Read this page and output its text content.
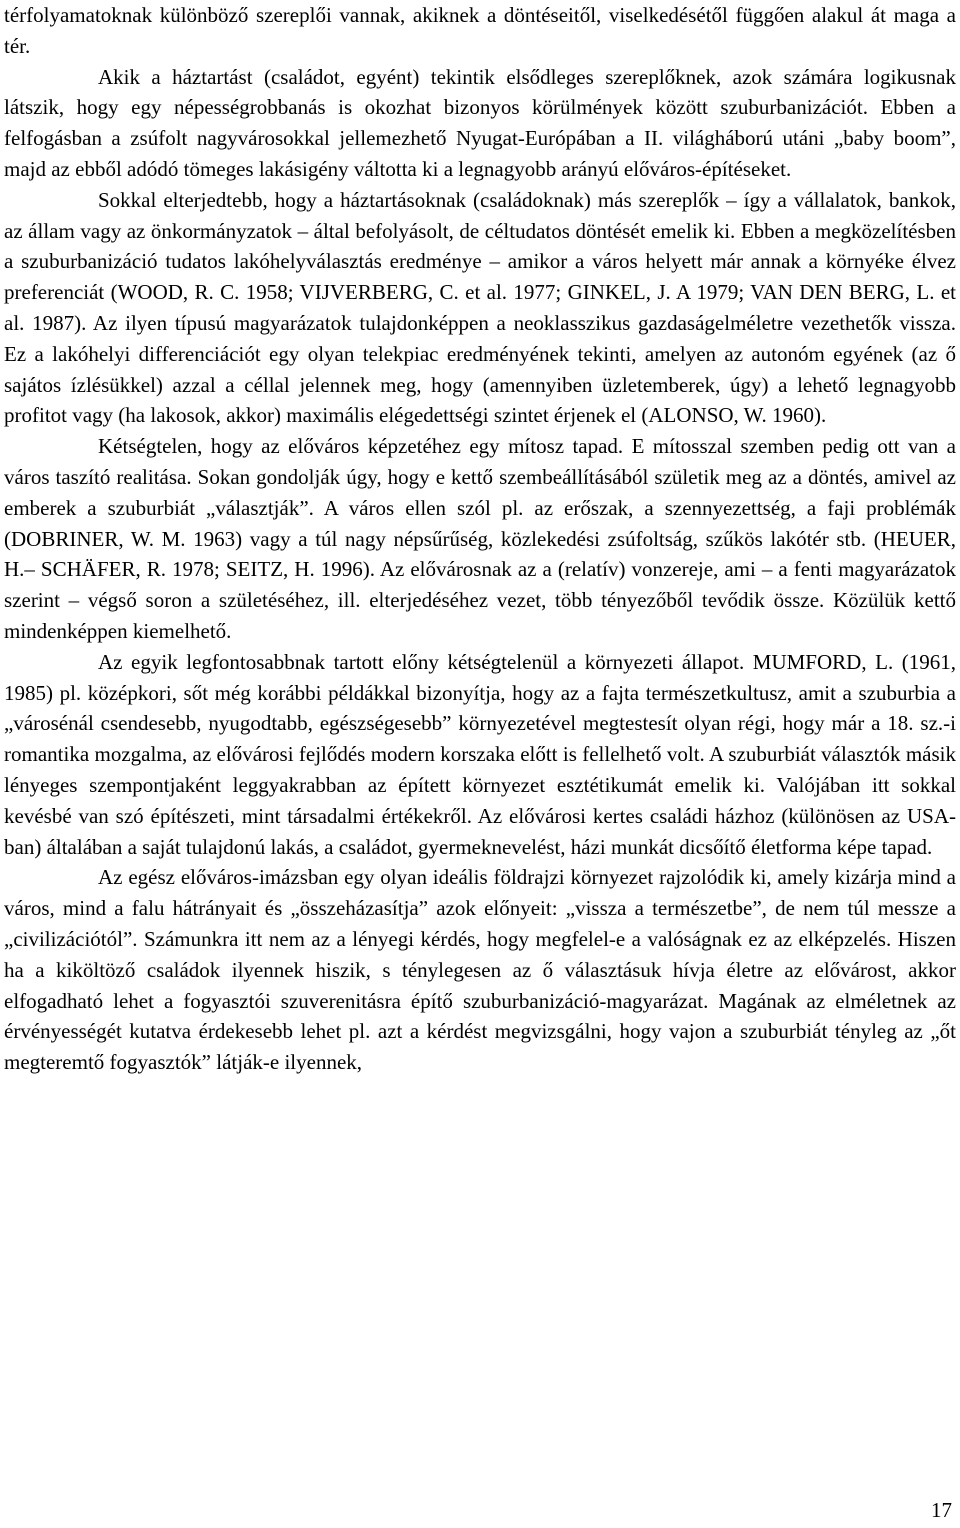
térfolyamatoknak különböző szereplői vannak, akiknek a döntéseitől, viselkedésétől függően alakul át maga a tér.

Akik a háztartást (családot, egyént) tekintik elsődleges szereplőknek, azok számára logikusnak látszik, hogy egy népességrobbanás is okozhat bizonyos körülmények között szuburbanizációt. Ebben a felfogásban a zsúfolt nagyvárosokkal jellemezhető Nyugat-Európában a II. világháború utáni „baby boom”, majd az ebből adódó tömeges lakásigény váltotta ki a legnagyobb arányú előváros-építéseket.

Sokkal elterjedtebb, hogy a háztartásoknak (családoknak) más szereplők – így a vállalatok, bankok, az állam vagy az önkormányzatok – által befolyásolt, de céltudatos döntését emelik ki. Ebben a megközelítésben a szuburbanizáció tudatos lakóhelyválasztás eredménye – amikor a város helyett már annak a környéke élvez preferenciát (WOOD, R. C. 1958; VIJVERBERG, C. et al. 1977; GINKEL, J. A 1979; VAN DEN BERG, L. et al. 1987). Az ilyen típusú magyarázatok tulajdonképpen a neoklasszikus gazdaságelméletre vezethetők vissza. Ez a lakóhelyi differenciációt egy olyan telekpiac eredményének tekinti, amelyen az autonóm egyének (az ő sajátos ízlésükkel) azzal a céllal jelennek meg, hogy (amennyiben üzletemberek, úgy) a lehető legnagyobb profitot vagy (ha lakosok, akkor) maximális elégedettségi szintet érjenek el (ALONSO, W. 1960).

Kétségtelen, hogy az előváros képzetéhez egy mítosz tapad. E mítosszal szemben pedig ott van a város taszító realitása. Sokan gondolják úgy, hogy e kettő szembeállításából születik meg az a döntés, amivel az emberek a szuburbiát „választják”. A város ellen szól pl. az erőszak, a szennyezettség, a faji problémák (DOBRINER, W. M. 1963) vagy a túl nagy népsűrűség, közlekedési zsúfoltság, szűkös lakótér stb. (HEUER, H.– SCHÄFER, R. 1978; SEITZ, H. 1996). Az elővárosnak az a (relatív) vonzereje, ami – a fenti magyarázatok szerint – végső soron a születéséhez, ill. elterjedéséhez vezet, több tényezőből tevődik össze. Közülük kettő mindenképpen kiemelhető.

Az egyik legfontosabbnak tartott előny kétségtelenül a környezeti állapot. MUMFORD, L. (1961, 1985) pl. középkori, sőt még korábbi példákkal bizonyítja, hogy az a fajta természetkultusz, amit a szuburbia a „városénál csendesebb, nyugodtabb, egészségesebb” környezetével megtestesít olyan régi, hogy már a 18. sz.-i romantika mozgalma, az elővárosi fejlődés modern korszaka előtt is fellelhető volt. A szuburbiát választók másik lényeges szempontjaként leggyakrabban az épített környezet esztétikumát emelik ki. Valójában itt sokkal kevésbé van szó építészeti, mint társadalmi értékekről. Az elővárosi kertes családi házhoz (különösen az USA-ban) általában a saját tulajdonú lakás, a családot, gyermeknevelést, házi munkát dicsőítő életforma képe tapad.

Az egész előváros-imázsban egy olyan ideális földrajzi környezet rajzolódik ki, amely kizárja mind a város, mind a falu hátrányait és „összeházasítja” azok előnyeit: „vissza a természetbe”, de nem túl messze a „civilizációtól”. Számunkra itt nem az a lényegi kérdés, hogy megfelel-e a valóságnak ez az elképzelés. Hiszen ha a kiköltöző családok ilyennek hiszik, s ténylegesen az ő választásuk hívja életre az elővárost, akkor elfogadható lehet a fogyasztói szuverenitásra építő szuburbanizáció-magyarázat. Magának az elméletnek az érvényességét kutatva érdekesebb lehet pl. azt a kérdést megvizsgálni, hogy vajon a szuburbiát tényleg az „őt megteremtő fogyasztók” látják-e ilyennek,

17
